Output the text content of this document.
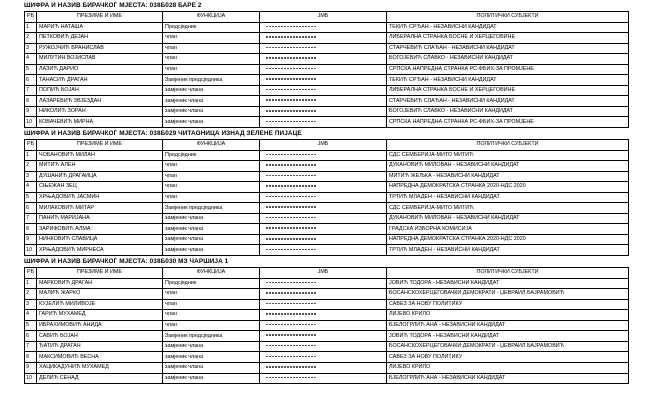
ШИФРА И НАЗИВ БИРАЧКОГ МЈЕСТА: 038Б028 БАРЕ 2
РБ	ПРЕЗИМЕ И ИМЕ	ФУНКЦИЈА	ЈМБ	ПОЛИТИЧКИ СУБЈЕКТИ
1	МАРИЋ НАТАША	Предсједник		ТЕКИЋ СРЂАН - НЕЗАВИСНИ КАНДИДАТ
2	ПЕТКОВИЋ ДЕЈАН	члан		ЛИБЕРАЛНА СТРАНКА БОСНЕ И ХЕРЦЕГОВИНЕ
3	РУЖОЈЧИЋ БРАНИСЛАВ	члан		СТАРЧЕВИЋ СЛАЂАН - НЕЗАВИСНИ КАНДИДАТ
4	МИЛУТИН ВОЈИСЛАВ	члан		БОГОЈЕВИЋ СЛАВКО - НЕЗАВИСНИ КАНДИДАТ
5	ЛАЗИЋ ДАРИО	члан		СРПСКА НАПРЕДНА СТРАНКА РС-ФБИХ-ЗА ПРОМЈЕНЕ
6	ТАНАСИЋ ДРАГАН	Замјеник предсједника		ТЕКИЋ СРЂАН - НЕЗАВИСНИ КАНДИДАТ
7	ПОПИЋ БОЈАН	замјеник члана		ЛИБЕРАЛНА СТРАНКА БОСНЕ И ХЕРЦЕГОВИНЕ
8	ЛАЗАРЕВИЋ ЗВЈЕЗДАН	замјеник члана		СТАРЧЕВИЋ СЛАЂАН - НЕЗАВИСНИ КАНДИДАТ
9	НИКОЛИЋ ЗОРАН	замјеник члана		БОГОЈЕВИЋ СЛАВКО - НЕЗАВИСНИ КАНДИДАТ
10	КОВАЧЕВИЋ МИРНА	замјеник члана		СРПСКА НАПРЕДНА СТРАНКА РС-ФБИХ-ЗА ПРОМЈЕНЕ
ШИФРА И НАЗИВ БИРАЧКОГ МЈЕСТА: 038Б029 ЧИТАОНИЦА ИЗНАД ЗЕЛЕНЕ ПИЈАЦЕ
РБ	ПРЕЗИМЕ И ИМЕ	ФУНКЦИЈА	ЈМБ	ПОЛИТИЧКИ СУБЈЕКТИ
1	ЧОБАНОВИЋ МИЛАН	Предсједник		СДС СЕМБЕРИЈА-МИТО МИТИЋ
2	МИТИЋ АЛЕН	члан		ДУКАНОВИЋ МИЛОВАН - НЕЗАВИСНИ КАНДИДАТ
3	ДУШАНИЋ ДРАГАИЦА	члан		МИТИЋ ЖЕЉКА - НЕЗАВИСНИ КАНДИДАТ
4	СЊЕЖАН ЗЕЦ	члан		НАПРЕДНА ДЕМОКРАТСКА СТРАНКА 2020-НДС 2020
5	ХРЊАДОВИЋ ЈАСМИН	члан		ТРТИЋ МЛАДЕН - НЕЗАВИСНИ КАНДИДАТ
6	МИЛАКОВИЋ МИТАР	Замјеник предсједника		СДС СЕМБЕРИЈА-МИТО МИТИЋ
7	ПАНИЋ МАРИЈАНА	замјеник члана		ДУКАНОВИЋ МИЛОВАН - НЕЗАВИСНИ КАНДИДАТ
8	ЗАРИФОВИЋ АЛМА	замјеник члана		ГРАДСКА ИЗБОРНА КОМИСИЈА
9	НИНКОВИЋ СЛАВИЦА	замјеник члана		НАПРЕДНА ДЕМОКРАТСКА СТРАНКА 2020-НДС 2020
10	ХРЊАДОВИЋ МИРНЕСА	замјеник члана		ТРТИЋ МЛАДЕН - НЕЗАВИСНИ КАНДИДАТ
ШИФРА И НАЗИВ БИРАЧКОГ МЈЕСТА: 038Б030 МЗ ЧАРШИЈА 1
РБ	ПРЕЗИМЕ И ИМЕ	ФУНКЦИЈА	ЈМБ	ПОЛИТИЧКИ СУБЈЕКТИ
1	МАРКОВИЋ ДРАГАН	Предсједник		ЈОВИЋ ТОДОРА - НЕЗАВИСНИ КАНДИДАТ
2	МАЛИЋ ЖАРКО	члан		БОСАНСКОХЕРЦЕГОВАЧКИ ДЕМОКРАТИ - ЏЕВРАИЛ БАЈРАМОВИЋ
3	КУЈЕЛИЋ МИЛИВОЈЕ	члан		САВЕЗ ЗА НОВУ ПОЛИТИКУ
4	ГАРИЋ МУХАМЕД	члан		ЛИЈЕВО КРИЛО
5	ИБРАХИМОВИЋ АНИДА	члан		БЈЕЛОГРЛИЋ АНА - НЕЗАВИСНИ КАНДИДАТ
6	САВИЋ БОЈАН	Замјеник предсједника		ЈОВИЋ ТОДОРА - НЕЗАВИСНИ КАНДИДАТ
7	ЂАТИЋ ДРАГАН	замјеник члана		БОСАНСКОХЕРЦЕГОВАЧКИ ДЕМОКРАТИ - ЏЕВРАИЛ БАЈРАМОВИЋ
8	МАКСИМОВИЋ ВЕСНА	замјеник члана		САВЕЗ ЗА НОВУ ПОЛИТИКУ
9	ХАЦИКАДУНИЋ МУХАМЕД	замјеник члана		ЛИЈЕВО КРИЛО
10	ДЕЛИЋ СЕНАД	замјеник члана		БЈЕЛОГРЛИЋ АНА - НЕЗАВИСНИ КАНДИДАТ
